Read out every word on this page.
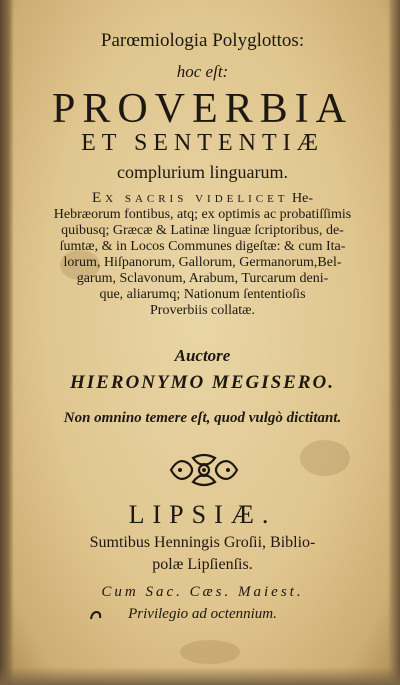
Parœmiologia Polyglottos:
hoc eſt:
PROVERBIA
ET SENTENTIÆ
complurium linguarum.
Ex sacris videlicet He-
Hebræorum fontibus, atq; ex optimis ac probatiſſimis
quibusq; Græcæ & Latinæ linguæ ſcriptoribus, de-
ſumtæ, & in Locos Communes digeſtæ: & cum Ita-
lorum, Hiſpanorum, Gallorum, Germanorum,Bel-
garum, Sclavonum, Arabum, Turcarum deni-
que, aliarumq; Nationum ſententioſis
Proverbiis collatæ.
Auctore
HIERONYMO MEGISERO.
Non omnino temere eſt, quod vulgò dictitant.
LIPSIÆ.
Sumtibus Henningis Groſii, Biblio-
polæ Lipſienſis.
Cum Sac. Cæs. Maiest.
Privilegio ad octennium.
